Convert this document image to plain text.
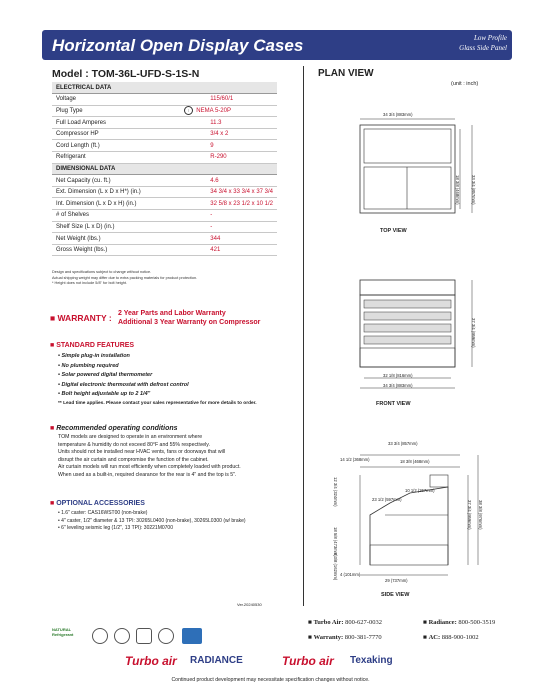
Horizontal Open Display Cases	Low Profile
Glass Side Panel
Model : TOM-36L-UFD-S-1S-N
ELECTRICAL DATA	
Voltage	115/60/1
Plug Type	⁝ NEMA 5-20P
Full Load Amperes	11.3
Compressor HP	3/4 x 2
Cord Length (ft.)	9
Refrigerant	R-290
DIMENSIONAL DATA	
Net Capacity (cu. ft.)	4.6
Ext. Dimension (L x D x H*) (in.)	34 3/4 x 33 3/4 x 37 3/4
Int. Dimension (L x D x H) (in.)	32 5/8 x 23 1/2 x 10 1/2
# of Shelves	-
Shelf Size (L x D) (in.)	-
Net Weight (lbs.)	344
Gross Weight (lbs.)	421
Design and specifications subject to change without notice.
Actual shipping weight may differ due to extra packing materials for product protection.
* Height does not include 5/8" for bolt height.
■ WARRANTY : 2 Year Parts and Labor Warranty
Additional 3 Year Warranty on Compressor
■ STANDARD FEATURES
• Simple plug-in installation
• No plumbing required
• Solar powered digital thermometer
• Digital electronic thermostat with defrost control
• Bolt height adjustable up to 2 1/4"
** Lead time applies. Please contact your sales representative for more details to order.
■ Recommended operating conditions
TOM models are designed to operate in an environment where
temperature & humidity do not exceed 80°F and 55% respectively.
Units should not be installed near HVAC vents, fans or doorways that will
disrupt the air curtain and compromise the function of the cabinet.
Air curtain models will run most efficiently when completely loaded with product.
When used as a built-in, required clearance for the rear is 4" and the top is 5".
■ OPTIONAL ACCESSORIES
• 1.6" caster: CAS16WST00 (non-brake)
• 4" caster, 1/2" diameter & 13 TPI: 30265L0400 (non-brake), 30265L0300 (w/ brake)
• 6" leveling seismic leg (1/2", 13 TPI): 30221M0700
Ver.20240530
PLAN VIEW
(unit : inch)
34 3/4 (883mm)
18 3/8 (468mm)	33 3/4 (857mm)
TOP VIEW
37 3/4 (959mm)
32 1/8 (816mm)
34 3/4 (883mm)
FRONT VIEW
33 3/4 (857mm)
14 1/2 (368mm)	18 3/8 (468mm)
10 1/2 (267mm)
23 1/2 (597mm)
12 3/4 (324mm)
18 5/8 (473mm)
6 3/8 (162mm) 4 (101mm)
29 (737mm)
37 3/4 (959mm) 38 3/8 (976mm)
SIDE VIEW
NATURAL Refrigerant
■ Turbo Air: 800-627-0032	■ Radiance: 800-500-3519
■ Warranty: 800-381-7770	■ AC: 888-900-1002
Turbo air RADIANCE	Turbo air Texaking
Continued product development may necessitate specification changes without notice.
